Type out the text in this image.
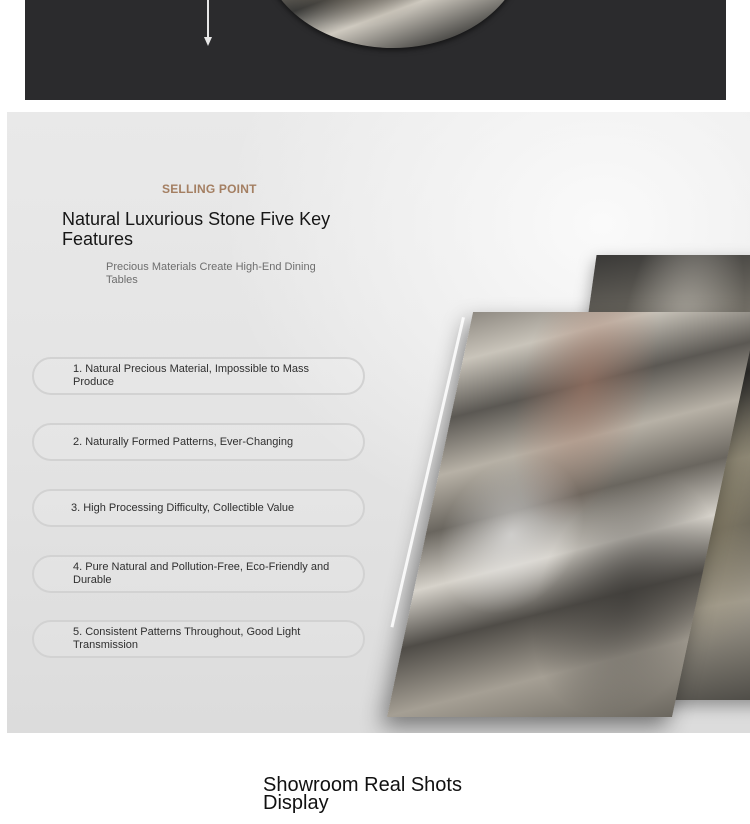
SELLING POINT
Natural Luxurious Stone Five Key Features

Precious Materials Create High-End Dining Tables

1. Natural Precious Material, Impossible to Mass Produce
2. Naturally Formed Patterns, Ever-Changing
3. High Processing Difficulty, Collectible Value
4. Pure Natural and Pollution-Free, Eco-Friendly and Durable
5. Consistent Patterns Throughout, Good Light Transmission
Showroom Real Shots Display
